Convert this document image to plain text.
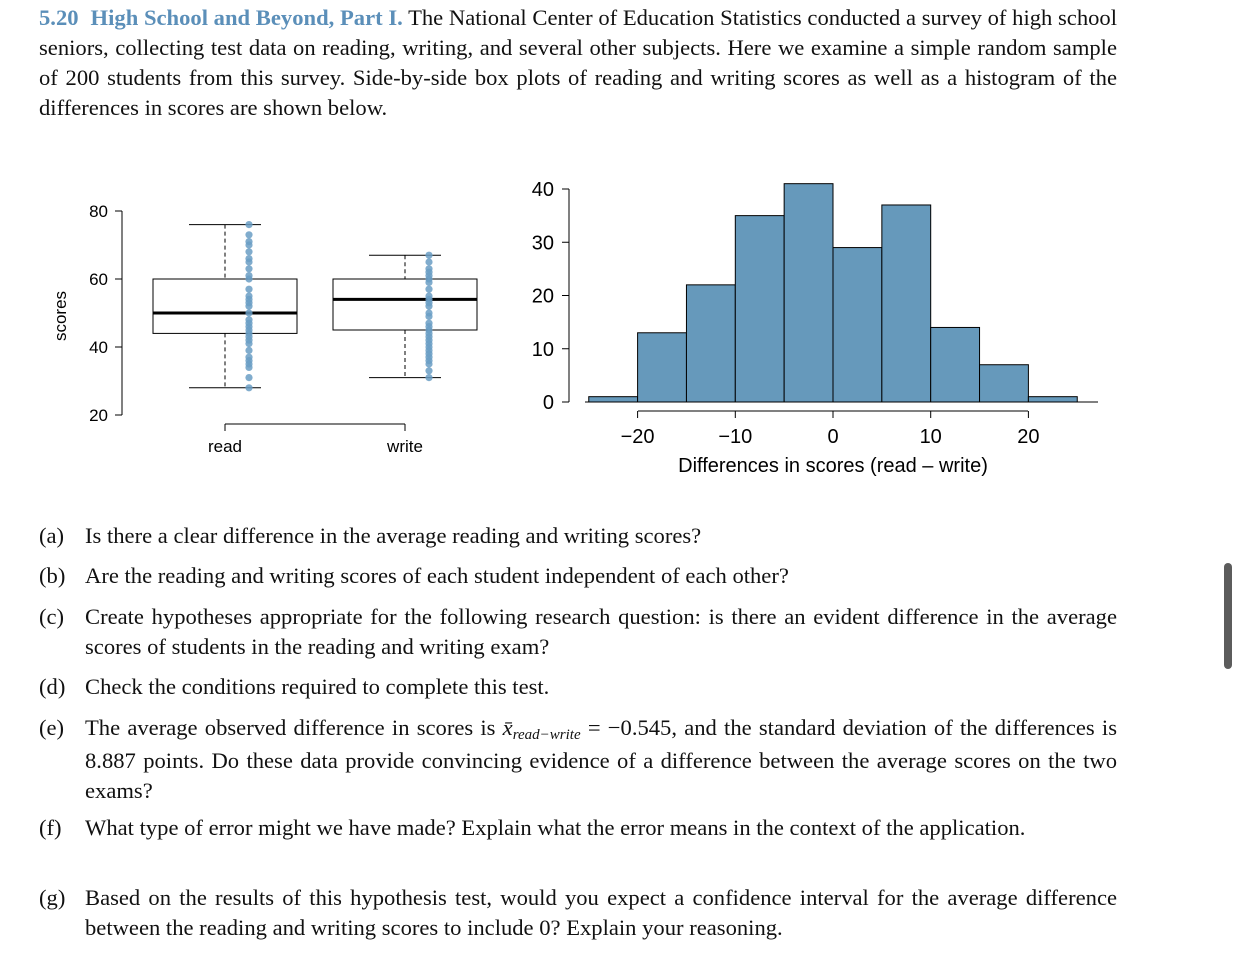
5.20 High School and Beyond, Part I. The National Center of Education Statistics conducted a survey of high school seniors, collecting test data on reading, writing, and several other subjects. Here we examine a simple random sample of 200 students from this survey. Side-by-side box plots of reading and writing scores as well as a histogram of the differences in scores are shown below.
scores
20
40
60
80
read	write
Differences in scores (read – write)
0
10
20
30
40
−20	−10	0	10	20
(a) Is there a clear difference in the average reading and writing scores?
(b) Are the reading and writing scores of each student independent of each other?
(c) Create hypotheses appropriate for the following research question: is there an evident difference in the average scores of students in the reading and writing exam?
(d) Check the conditions required to complete this test.
(e) The average observed difference in scores is x̄read−write = −0.545, and the standard deviation of the differences is 8.887 points. Do these data provide convincing evidence of a difference between the average scores on the two exams?
(f) What type of error might we have made? Explain what the error means in the context of the application.
(g) Based on the results of this hypothesis test, would you expect a confidence interval for the average difference between the reading and writing scores to include 0? Explain your reasoning.
